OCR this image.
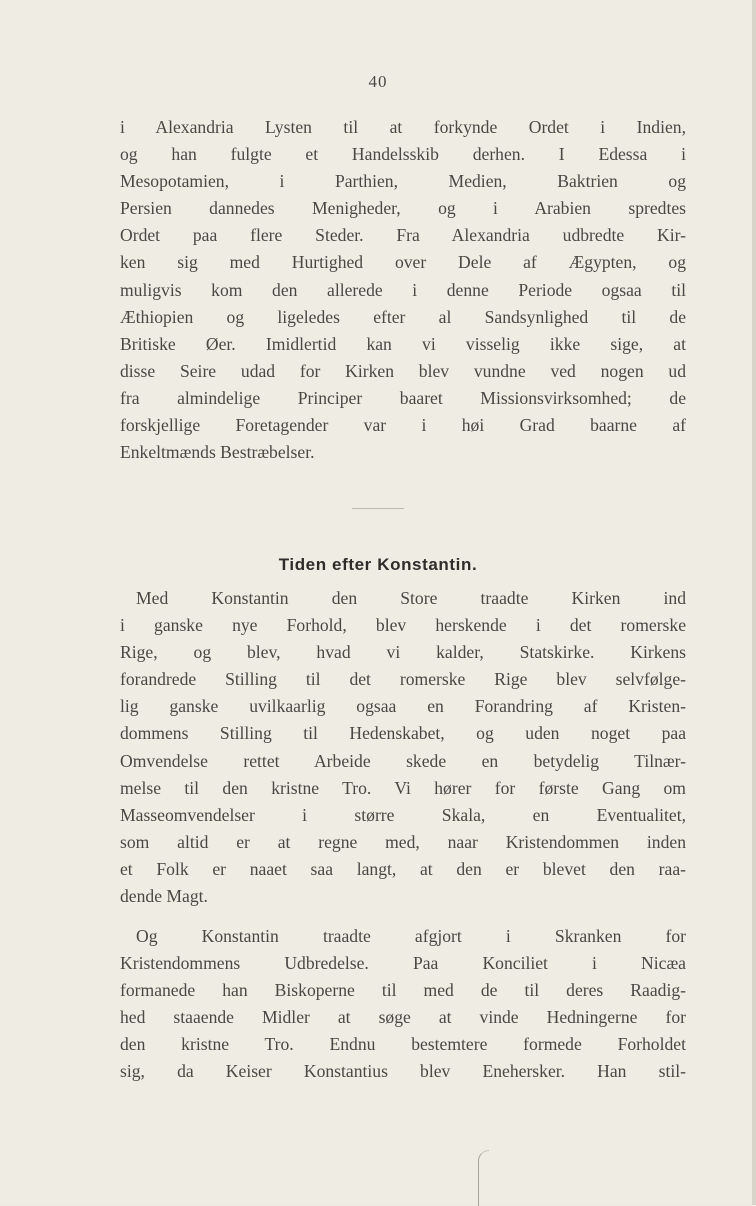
40
i Alexandria Lysten til at forkynde Ordet i Indien,
og han fulgte et Handelsskib derhen. I Edessa i
Mesopotamien, i Parthien, Medien, Baktrien og
Persien dannedes Menigheder, og i Arabien spredtes
Ordet paa flere Steder. Fra Alexandria udbredte Kir-
ken sig med Hurtighed over Dele af Ægypten, og
muligvis kom den allerede i denne Periode ogsaa til
Æthiopien og ligeledes efter al Sandsynlighed til de
Britiske Øer. Imidlertid kan vi visselig ikke sige, at
disse Seire udad for Kirken blev vundne ved nogen ud
fra almindelige Principer baaret Missionsvirksomhed; de
forskjellige Foretagender var i høi Grad baarne af
Enkeltmænds Bestræbelser.
Tiden efter Konstantin.
Med Konstantin den Store traadte Kirken ind
i ganske nye Forhold, blev herskende i det romerske
Rige, og blev, hvad vi kalder, Statskirke. Kirkens
forandrede Stilling til det romerske Rige blev selvfølge-
lig ganske uvilkaarlig ogsaa en Forandring af Kristen-
dommens Stilling til Hedenskabet, og uden noget paa
Omvendelse rettet Arbeide skede en betydelig Tilnær-
melse til den kristne Tro. Vi hører for første Gang om
Masseomvendelser i større Skala, en Eventualitet,
som altid er at regne med, naar Kristendommen inden
et Folk er naaet saa langt, at den er blevet den raa-
dende Magt.
Og Konstantin traadte afgjort i Skranken for
Kristendommens Udbredelse. Paa Konciliet i Nicæa
formanede han Biskoperne til med de til deres Raadig-
hed staaende Midler at søge at vinde Hedningerne for
den kristne Tro. Endnu bestemtere formede Forholdet
sig, da Keiser Konstantius blev Enehersker. Han stil-
